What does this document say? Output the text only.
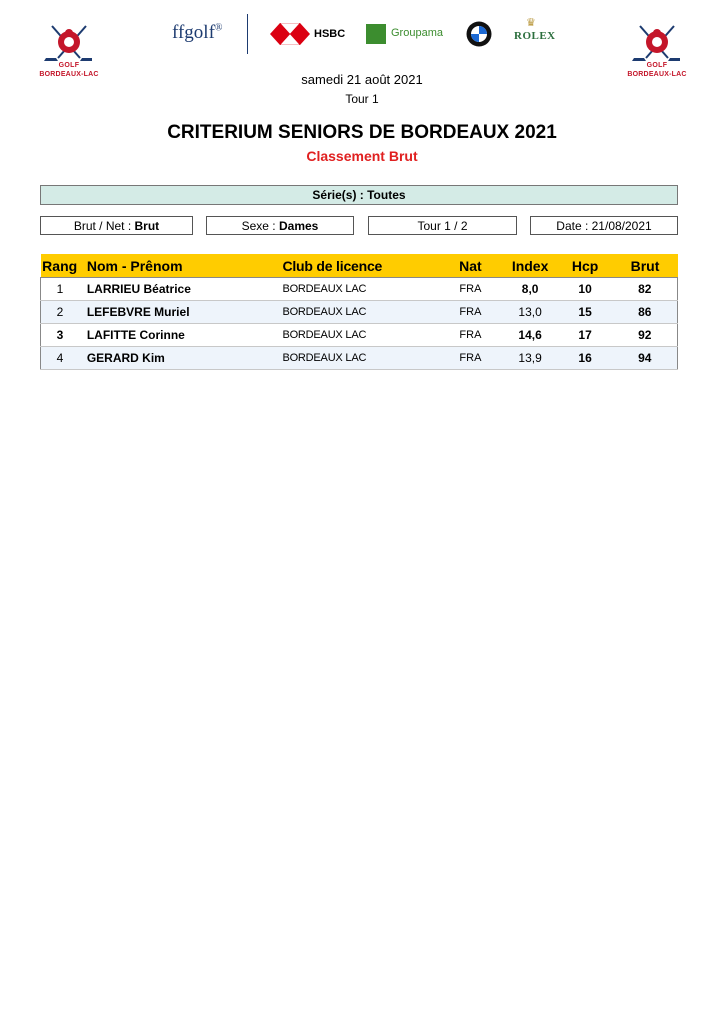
GOLF
BORDEAUX-LAC
GOLF
BORDEAUX-LAC
ffgolf®	HSBC	Groupama
♛
ROLEX
samedi 21 août 2021
Tour 1
CRITERIUM SENIORS DE BORDEAUX 2021
Classement Brut
Série(s) : Toutes
Brut / Net : Brut	Sexe : Dames	Tour 1 / 2	Date : 21/08/2021
Rang	Nom - Prênom	Club de licence	Nat	Index	Hcp	Brut
1	LARRIEU Béatrice	BORDEAUX LAC	FRA	8,0	10	82
2	LEFEBVRE Muriel	BORDEAUX LAC	FRA	13,0	15	86
3	LAFITTE Corinne	BORDEAUX LAC	FRA	14,6	17	92
4	GERARD Kim	BORDEAUX LAC	FRA	13,9	16	94
